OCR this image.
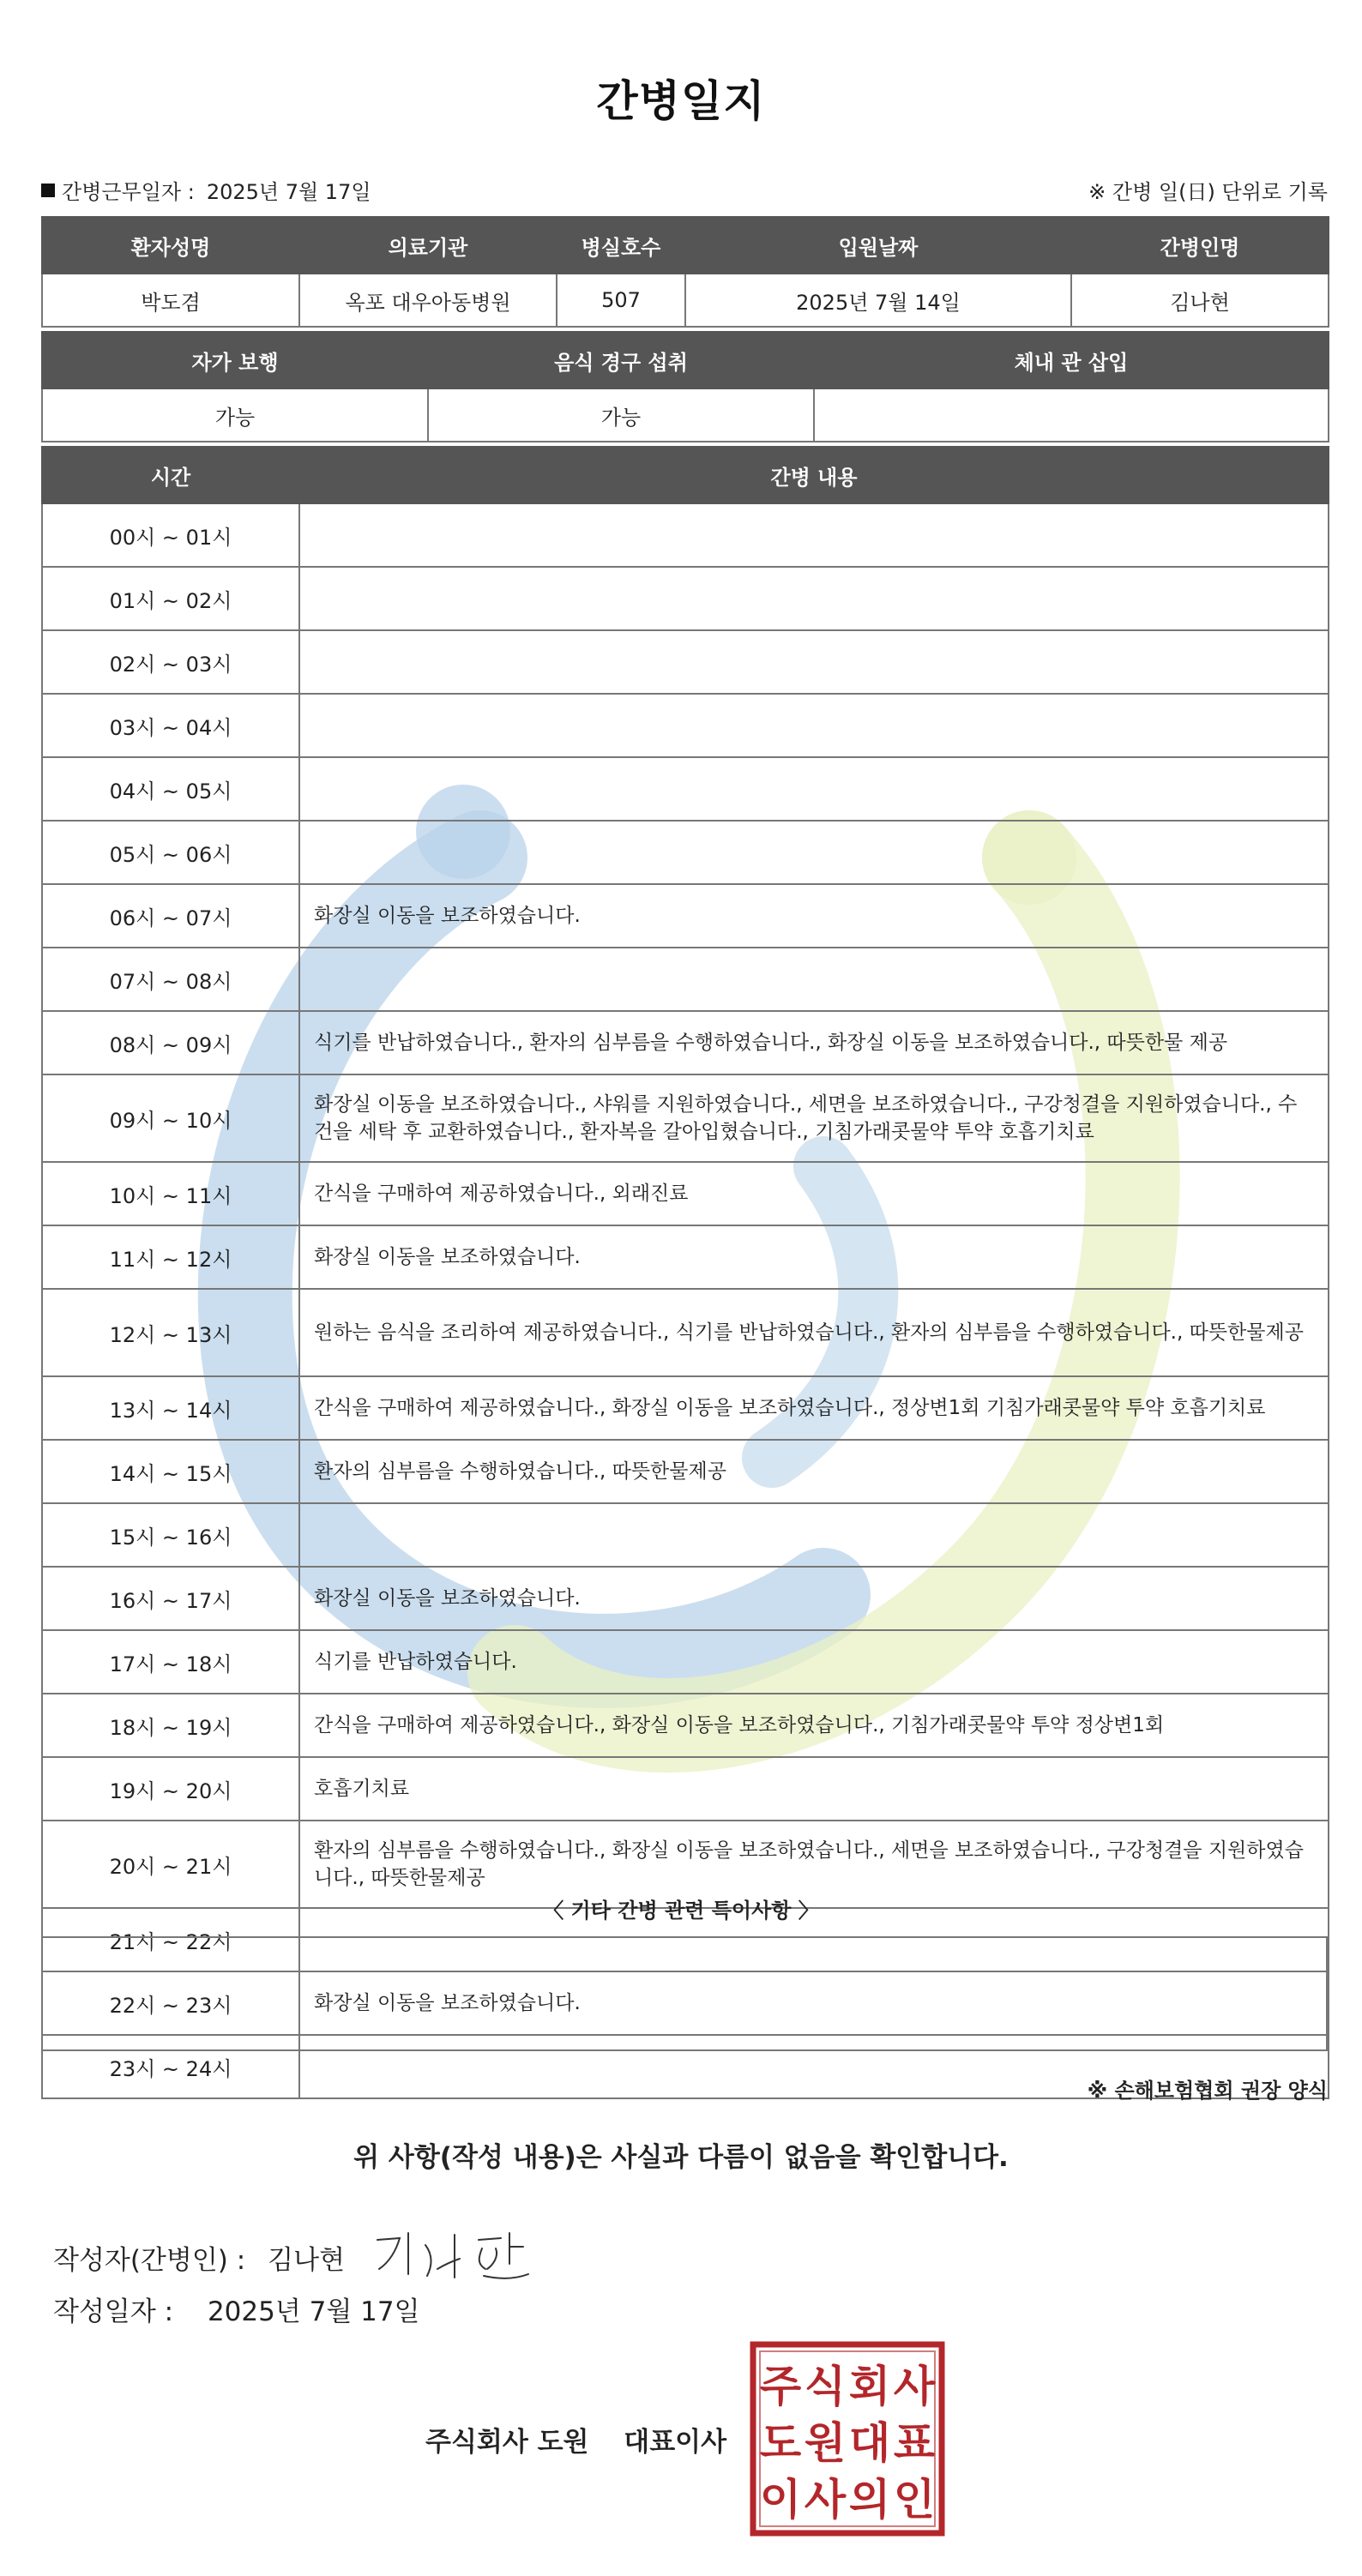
간병일지
간병근무일자 : 2025년 7월 17일	※ 간병 일(日) 단위로 기록
환자성명	의료기관	병실호수	입원날짜	간병인명
박도겸	옥포 대우아동병원	507	2025년 7월 14일	김나현
자가 보행	음식 경구 섭취	체내 관 삽입
가능	가능	
시간	간병 내용
00시 ~ 01시	
01시 ~ 02시	
02시 ~ 03시	
03시 ~ 04시	
04시 ~ 05시	
05시 ~ 06시	
06시 ~ 07시	화장실 이동을 보조하였습니다.
07시 ~ 08시	
08시 ~ 09시	식기를 반납하였습니다., 환자의 심부름을 수행하였습니다., 화장실 이동을 보조하였습니다., 따뜻한물 제공
09시 ~ 10시	화장실 이동을 보조하였습니다., 샤워를 지원하였습니다., 세면을 보조하였습니다., 구강청결을 지원하였습니다., 수건을 세탁 후 교환하였습니다., 환자복을 갈아입혔습니다., 기침가래콧물약 투약 호흡기치료
10시 ~ 11시	간식을 구매하여 제공하였습니다., 외래진료
11시 ~ 12시	화장실 이동을 보조하였습니다.
12시 ~ 13시	원하는 음식을 조리하여 제공하였습니다., 식기를 반납하였습니다., 환자의 심부름을 수행하였습니다., 따뜻한물제공
13시 ~ 14시	간식을 구매하여 제공하였습니다., 화장실 이동을 보조하였습니다., 정상변1회 기침가래콧물약 투약 호흡기치료
14시 ~ 15시	환자의 심부름을 수행하였습니다., 따뜻한물제공
15시 ~ 16시	
16시 ~ 17시	화장실 이동을 보조하였습니다.
17시 ~ 18시	식기를 반납하였습니다.
18시 ~ 19시	간식을 구매하여 제공하였습니다., 화장실 이동을 보조하였습니다., 기침가래콧물약 투약 정상변1회
19시 ~ 20시	호흡기치료
20시 ~ 21시	환자의 심부름을 수행하였습니다., 화장실 이동을 보조하였습니다., 세면을 보조하였습니다., 구강청결을 지원하였습니다., 따뜻한물제공
21시 ~ 22시	
22시 ~ 23시	화장실 이동을 보조하였습니다.
23시 ~ 24시	
〈 기타 간병 관련 특이사항 〉
※ 손해보험협회 권장 양식
위 사항(작성 내용)은 사실과 다름이 없음을 확인합니다.
작성자(간병인) : 김나현
작성일자 : 2025년 7월 17일
주식회사 도원 대표이사
주 식 회 사
도 원 대 표
이 사 의 인
